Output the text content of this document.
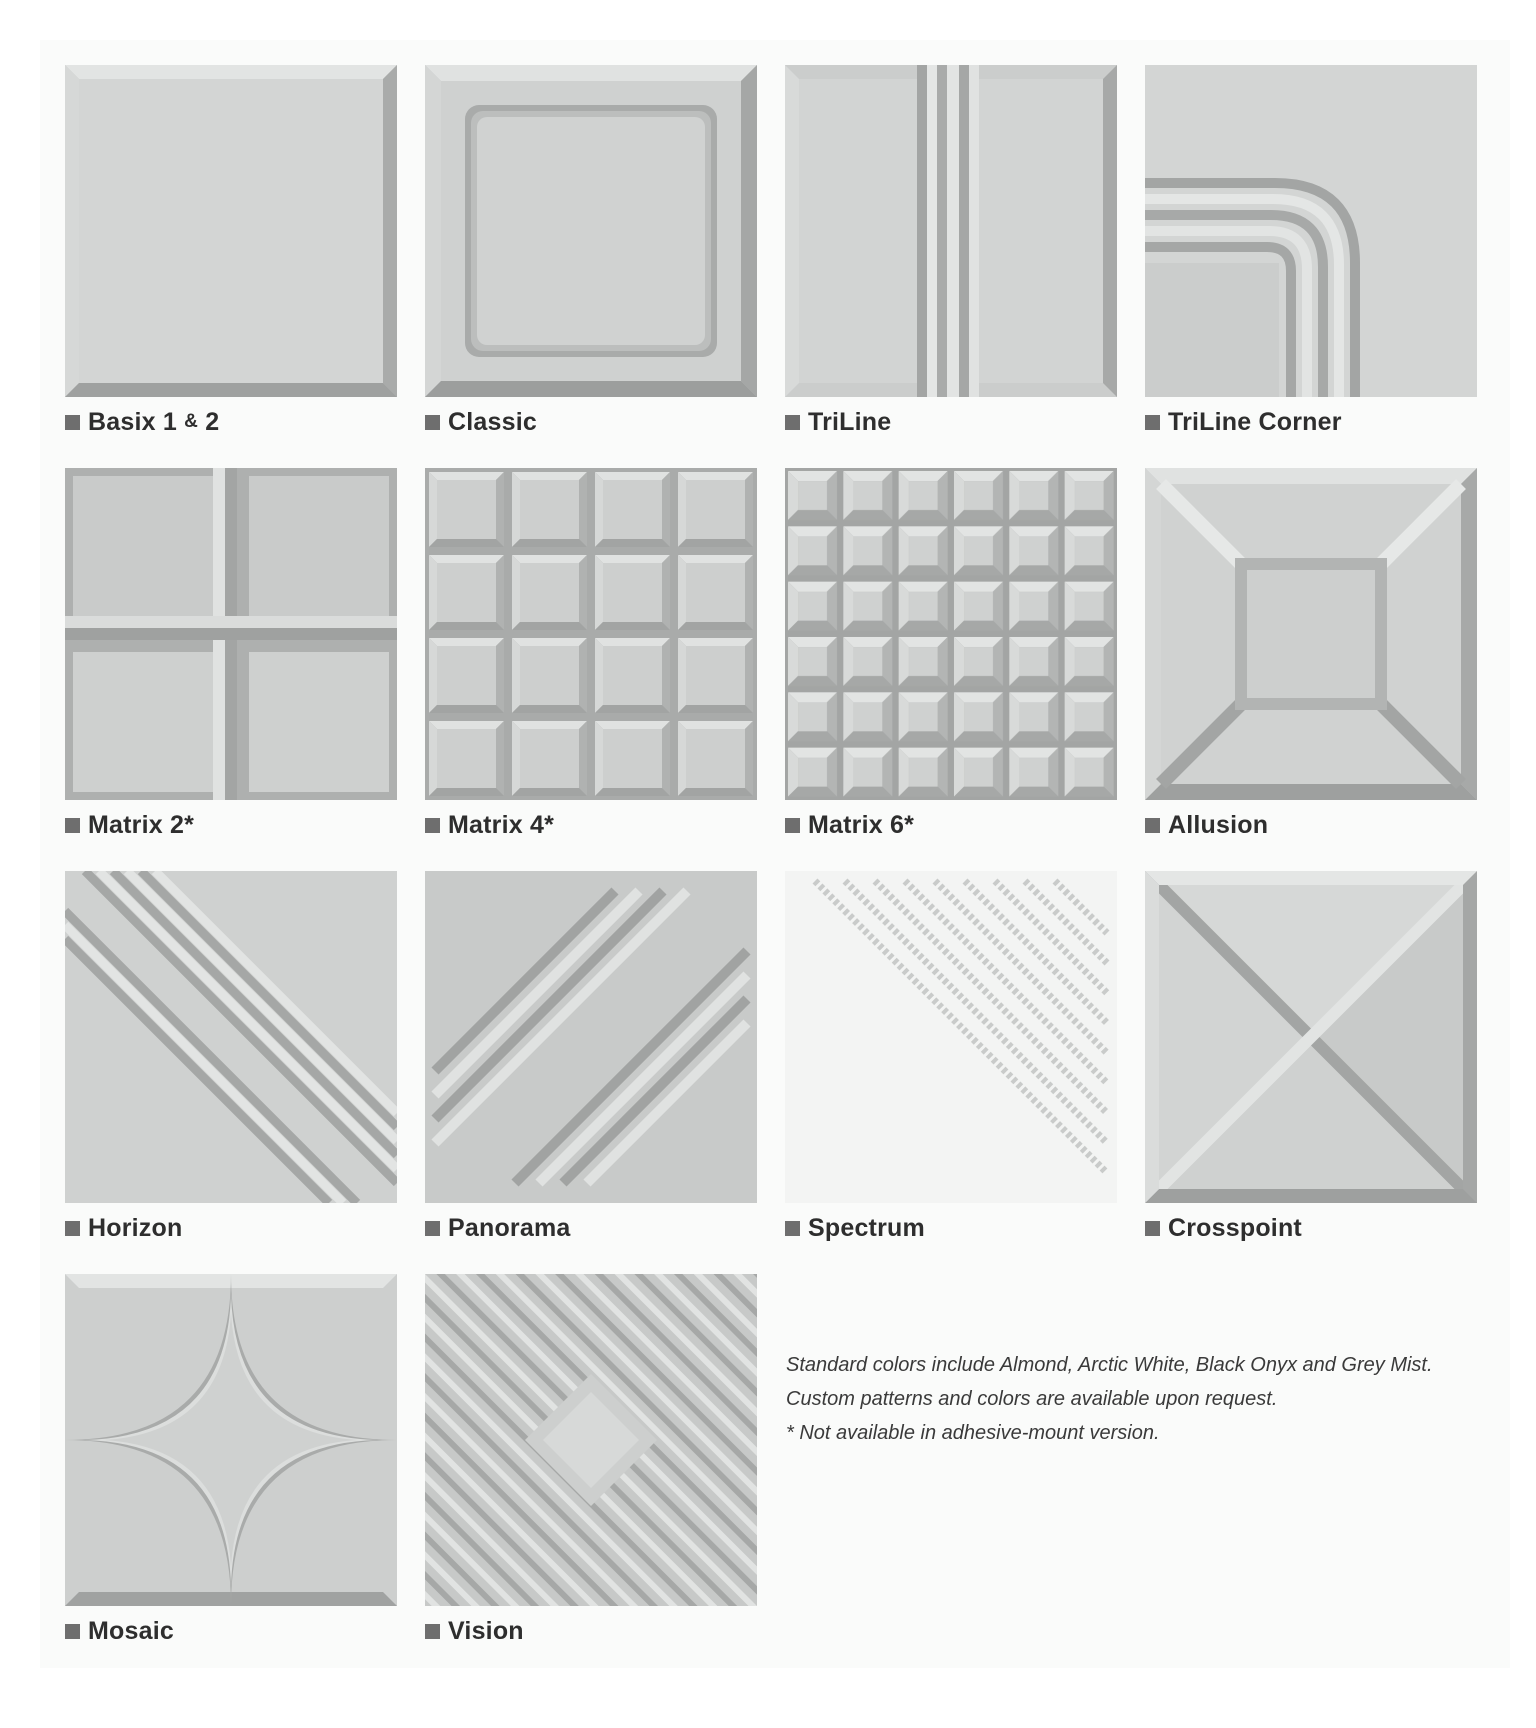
Basix 1
&
2	Classic	TriLine	TriLine Corner
Matrix 2*	Matrix 4*	Matrix 6*	Allusion
Horizon	Panorama	Spectrum	Crosspoint
Mosaic	Vision

Standard colors include Almond, Arctic White, Black Onyx and Grey Mist.

Custom patterns and colors are available upon request.

* Not available in adhesive-mount version.
